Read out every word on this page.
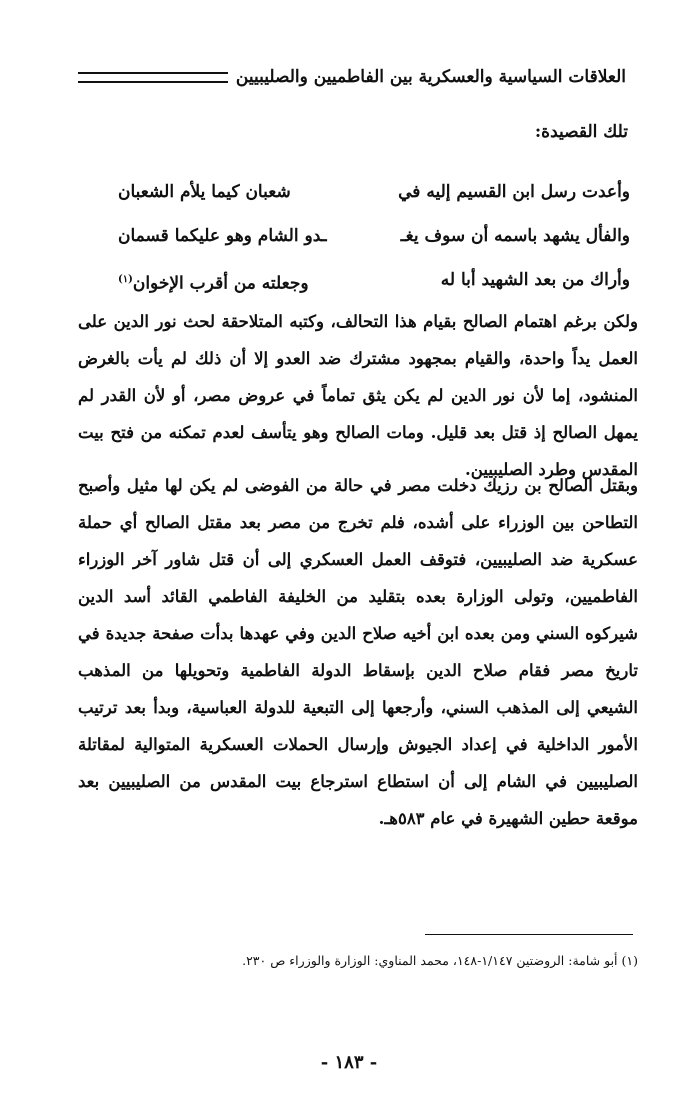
العلاقات السياسية والعسكرية بين الفاطميين والصليبيين
تلك القصيدة:
وأعدت رسل ابن القسيم إليه في
شعبان كيما يلأم الشعبان
والفأل يشهد باسمه أن سوف يغـ
ـدو الشام وهو عليكما قسمان
وأراك من بعد الشهيد أبا له
وجعلته من أقرب الإخوان$^{(١)}$

ولكن برغم اهتمام الصالح بقيام هذا التحالف، وكتبه المتلاحقة لحث نور الدين على العمل يداً واحدة، والقيام بمجهود مشترك ضد العدو إلا أن ذلك لم يأت بالغرض المنشود، إما لأن نور الدين لم يكن يثق تماماً في عروض مصر، أو لأن القدر لم يمهل الصالح إذ قتل بعد قليل. ومات الصالح وهو يتأسف لعدم تمكنه من فتح بيت المقدس وطرد الصليبيين.

وبقتل الصالح بن رزيك دخلت مصر في حالة من الفوضى لم يكن لها مثيل وأصبح التطاحن بين الوزراء على أشده، فلم تخرج من مصر بعد مقتل الصالح أي حملة عسكرية ضد الصليبيين، فتوقف العمل العسكري إلى أن قتل شاور آخر الوزراء الفاطميين، وتولى الوزارة بعده بتقليد من الخليفة الفاطمي القائد أسد الدين شيركوه السني ومن بعده ابن أخيه صلاح الدين وفي عهدها بدأت صفحة جديدة في تاريخ مصر فقام صلاح الدين بإسقاط الدولة الفاطمية وتحويلها من المذهب الشيعي إلى المذهب السني، وأرجعها إلى التبعية للدولة العباسية، وبدأ بعد ترتيب الأمور الداخلية في إعداد الجيوش وإرسال الحملات العسكرية المتوالية لمقاتلة الصليبيين في الشام إلى أن استطاع استرجاع بيت المقدس من الصليبيين بعد موقعة حطين الشهيرة في عام ٥٨٣هـ.

(١) أبو شامة: الروضتين ١/١٤٧-١٤٨، محمد المناوي: الوزارة والوزراء ص ٢٣٠.
- ١٨٣ -
